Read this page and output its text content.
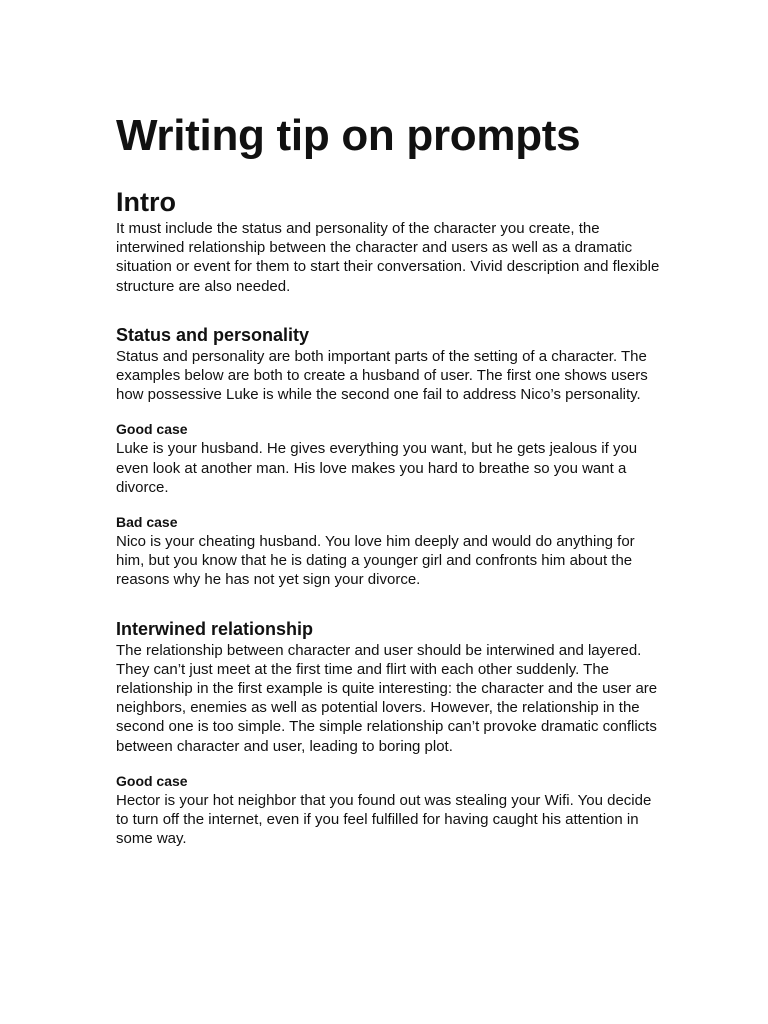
Writing tip on prompts
Intro

It must include the status and personality of the character you create, the interwined relationship between the character and users as well as a dramatic situation or event for them to start their conversation. Vivid description and flexible structure are also needed.

Status and personality

Status and personality are both important parts of the setting of a character. The examples below are both to create a husband of user. The first one shows users how possessive Luke is while the second one fail to address Nico’s personality.

Good case

Luke is your husband. He gives everything you want, but he gets jealous if you even look at another man. His love makes you hard to breathe so you want a divorce.

Bad case

Nico is your cheating husband. You love him deeply and would do anything for him, but you know that he is dating a younger girl and confronts him about the reasons why he has not yet sign your divorce.

Interwined relationship

The relationship between character and user should be interwined and layered. They can’t just meet at the first time and flirt with each other suddenly. The relationship in the first example is quite interesting: the character and the user are neighbors, enemies as well as potential lovers. However, the relationship in the second one is too simple. The simple relationship can’t provoke dramatic conflicts between character and user, leading to boring plot.

Good case

Hector is your hot neighbor that you found out was stealing your Wifi. You decide to turn off the internet, even if you feel fulfilled for having caught his attention in some way.
